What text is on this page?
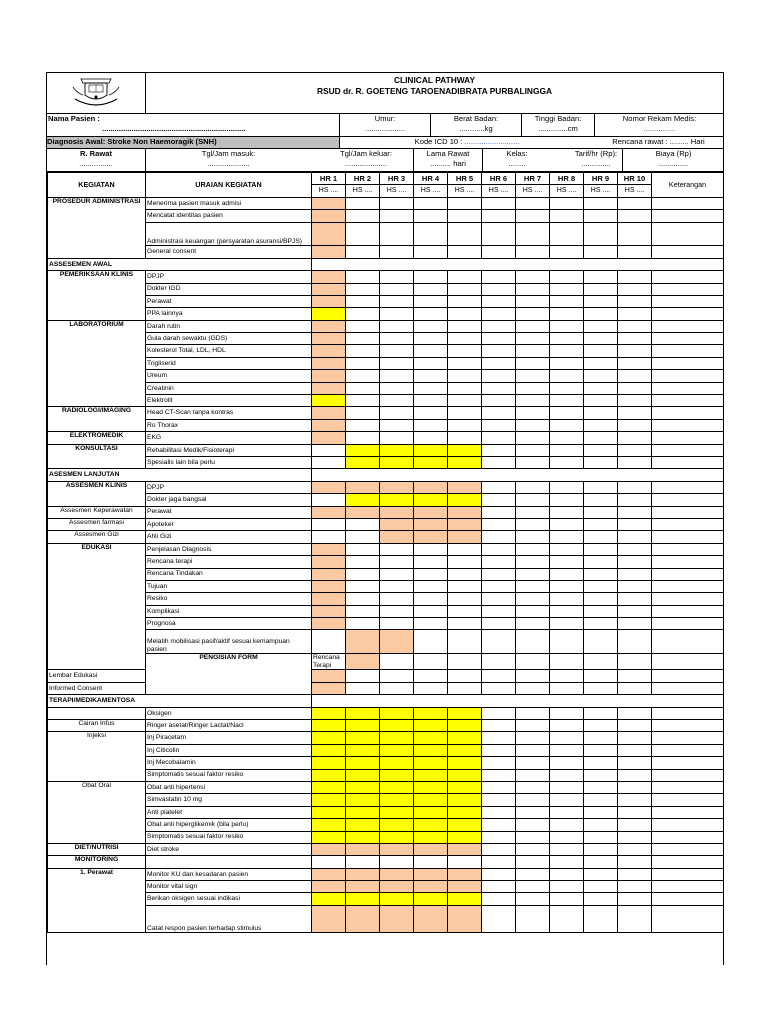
CLINICAL PATHWAY
RSUD dr. R. GOETENG TAROENADIBRATA PURBALINGGA
Nama Pasien :
....................................................................
Umur:
...................
Berat Badan:
............kg
Tinggi Badan:
..............cm
Nomor Rekam Medis:
...............
Diagnosis Awal: Stroke Non Haemoragik (SNH)	Kode ICD 10 : ..........................	Rencana rawat : ......... Hari
R. Rawat
................
Tgl/Jam masuk:
....................
Tgl/Jam keluar:
....................
Lama Rawat
.......... hari
Kelas:
........
Tarif/hr (Rp):
..............
Biaya (Rp)
..............
KEGIATAN	URAIAN KEGIATAN	HR 1	HR 2	HR 3	HR 4	HR 5	HR 6	HR 7	HR 8	HR 9	HR 10	Keterangan	
		HS ....	HS ....	HS ....	HS ....	HS ....	HS ....	HS ....	HS ....	HS ....	HS ....		
PROSEDUR ADMINISTRASI	Menerima pasien masuk admisi												
	Mencatat identitas pasien												
	Administrasi keuangan (persyaratan asuransi/BPJS)												
	General consent												
ASSESEMEN AWAL													
PEMERIKSAAN KLINIS	DPJP												
	Dokter IGD												
	Perawat												
	PPA lainnya												
LABORATORIUM	Darah rutin												
	Gula darah sewaktu (GDS)												
	Kolesterol Total, LDL, HDL												
	Trigliserid												
	Ureum												
	Creatinin												
	Elektrolit												
RADIOLOGI/IMAGING	Head CT-Scan tanpa kontras												
	Ro Thorax												
ELEKTROMEDIK	EKG												
KONSULTASI	Rehabilitasi Medik/Fisioterapi												
	Spesialis lain bila perlu												
ASESMEN LANJUTAN													
ASSESMEN KLINIS	DPJP												
	Dokter jaga bangsal												
Assesmen Keperawatan	Perawat												
Assesmen farmasi	Apoteker												
Assesmen Gizi	Ahli Gizi												
EDUKASI	Penjelasan Diagnosis												
	Rencana terapi												
	Rencana Tindakan												
	Tujuan												
	Resiko												
	Komplikasi												
	Prognosa												
	Melatih mobilisasi pasif/aktif sesuai kemampuan pasien												
	PENGISIAN FORM	Rencana Terapi											
Lembar Edukasi													
Informed Consent													
TERAPI/MEDIKAMENTOSA													
	Oksigen												
Cairan Infus	Ringer asetat/Ringer Lactat/Nacl												
Injeksi	Inj Piracetam												
	Inj Citicolin												
	Inj Mecobalamin												
	Simptomatis sesuai faktor resiko												
Obat Oral	Obat anti hipertensi												
	Simvastatin 10 mg												
	Anti platelet												
	Obat anti hiperglikemik (bila perlu)												
	Simptomatis sesuai faktor resiko												
DIET/NUTRISI	Diet stroke												
MONITORING													
1. Perawat	Monitor KU dan kesadaran pasien												
	Monitor vital sign												
	Berikan oksigen sesuai indikasi												
	Catat respon pasien terhadap stimulus												
